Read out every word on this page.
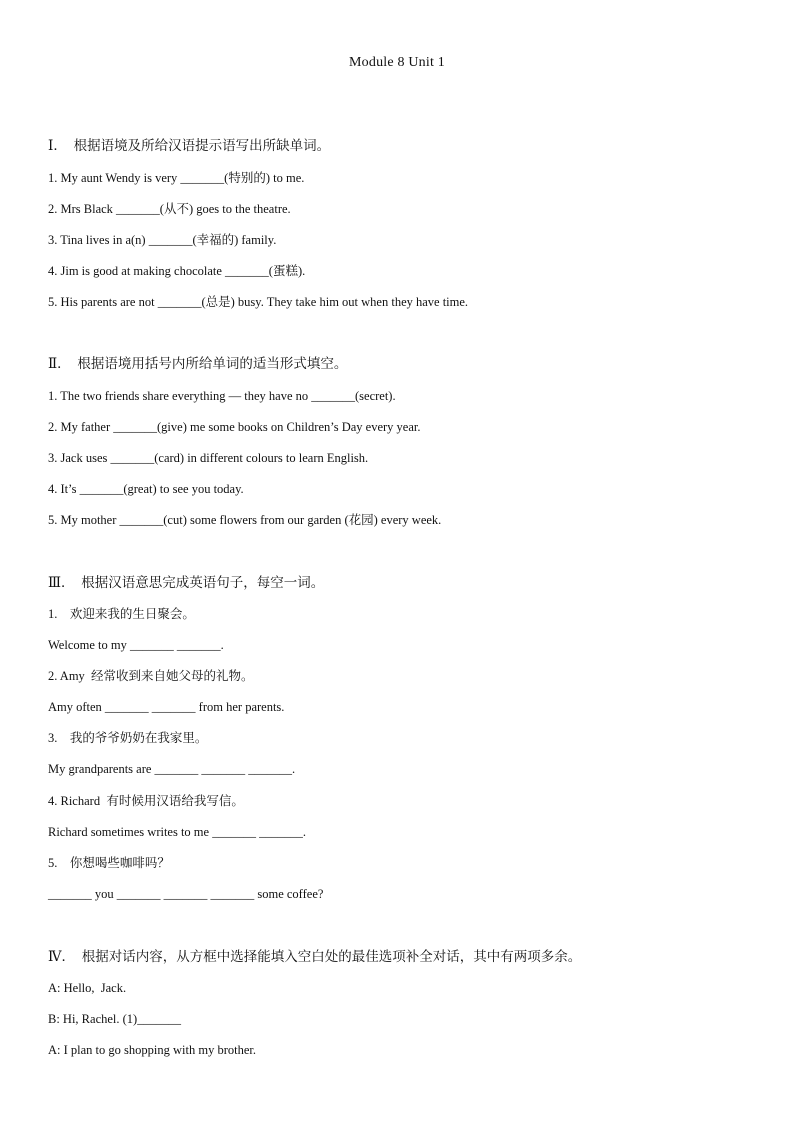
Module 8 Unit 1
Ⅰ．  根据语境及所给汉语提示语写出所缺单词。
1. My aunt Wendy is very _______(特别的) to me.
2. Mrs Black _______(从不) goes to the theatre.
3. Tina lives in a(n) _______(幸福的) family.
4. Jim is good at making chocolate _______(蛋糕).
5. His parents are not _______(总是) busy. They take him out when they have time.
Ⅱ．  根据语境用括号内所给单词的适当形式填空。
1. The two friends share everything — they have no _______(secret).
2. My father _______(give) me some books on Children’s Day every year.
3. Jack uses _______(card) in different colours to learn English.
4. It’s _______(great) to see you today.
5. My mother _______(cut) some flowers from our garden (花园) every week.
Ⅲ．  根据汉语意思完成英语句子，每空一词。
1.    欢迎来我的生日聚会。
Welcome to my _______ _______.
2. Amy  经常收到来自她父母的礼物。
Amy often _______ _______ from her parents.
3.    我的爷爷奶奶在我家里。
My grandparents are _______ _______ _______.
4. Richard  有时候用汉语给我写信。
Richard sometimes writes to me _______ _______.
5.    你想喝些咖啡吗？
_______ you _______ _______ _______ some coffee?
Ⅳ．  根据对话内容，从方框中选择能填入空白处的最佳选项补全对话，其中有两项多余。
A: Hello,  Jack.
B: Hi, Rachel. (1)_______
A: I plan to go shopping with my brother.
